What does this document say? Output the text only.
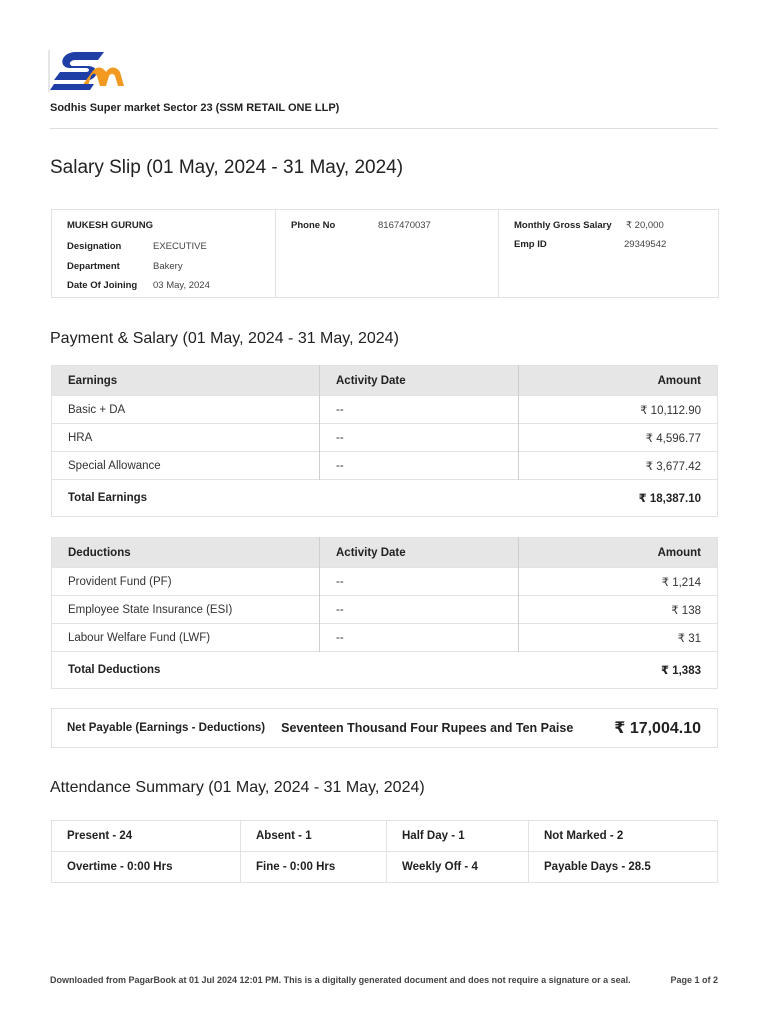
Sodhis Super market Sector 23 (SSM RETAIL ONE LLP)
Salary Slip (01 May, 2024 - 31 May, 2024)
MUKESH GURUNG
Designation	EXECUTIVE
Department	Bakery
Date Of Joining 03 May, 2024
Phone No	8167470037	Monthly Gross Salary ₹ 20,000
Emp ID	29349542
Payment & Salary (01 May, 2024 - 31 May, 2024)
Earnings	Activity Date	Amount
Basic + DA	--	₹ 10,112.90
HRA	--	₹ 4,596.77
Special Allowance	--	₹ 3,677.42
Total Earnings		₹ 18,387.10
Deductions	Activity Date	Amount
Provident Fund (PF)	--	₹ 1,214
Employee State Insurance (ESI)	--	₹ 138
Labour Welfare Fund (LWF)	--	₹ 31
Total Deductions		₹ 1,383
Net Payable (Earnings - Deductions) Seventeen Thousand Four Rupees and Ten Paise	₹ 17,004.10
Attendance Summary (01 May, 2024 - 31 May, 2024)
Present - 24	Absent - 1	Half Day - 1	Not Marked - 2
Overtime - 0:00 Hrs	Fine - 0:00 Hrs	Weekly Off - 4	Payable Days - 28.5
Downloaded from PagarBook at 01 Jul 2024 12:01 PM. This is a digitally generated document and does not require a signature or a seal.	Page 1 of 2
